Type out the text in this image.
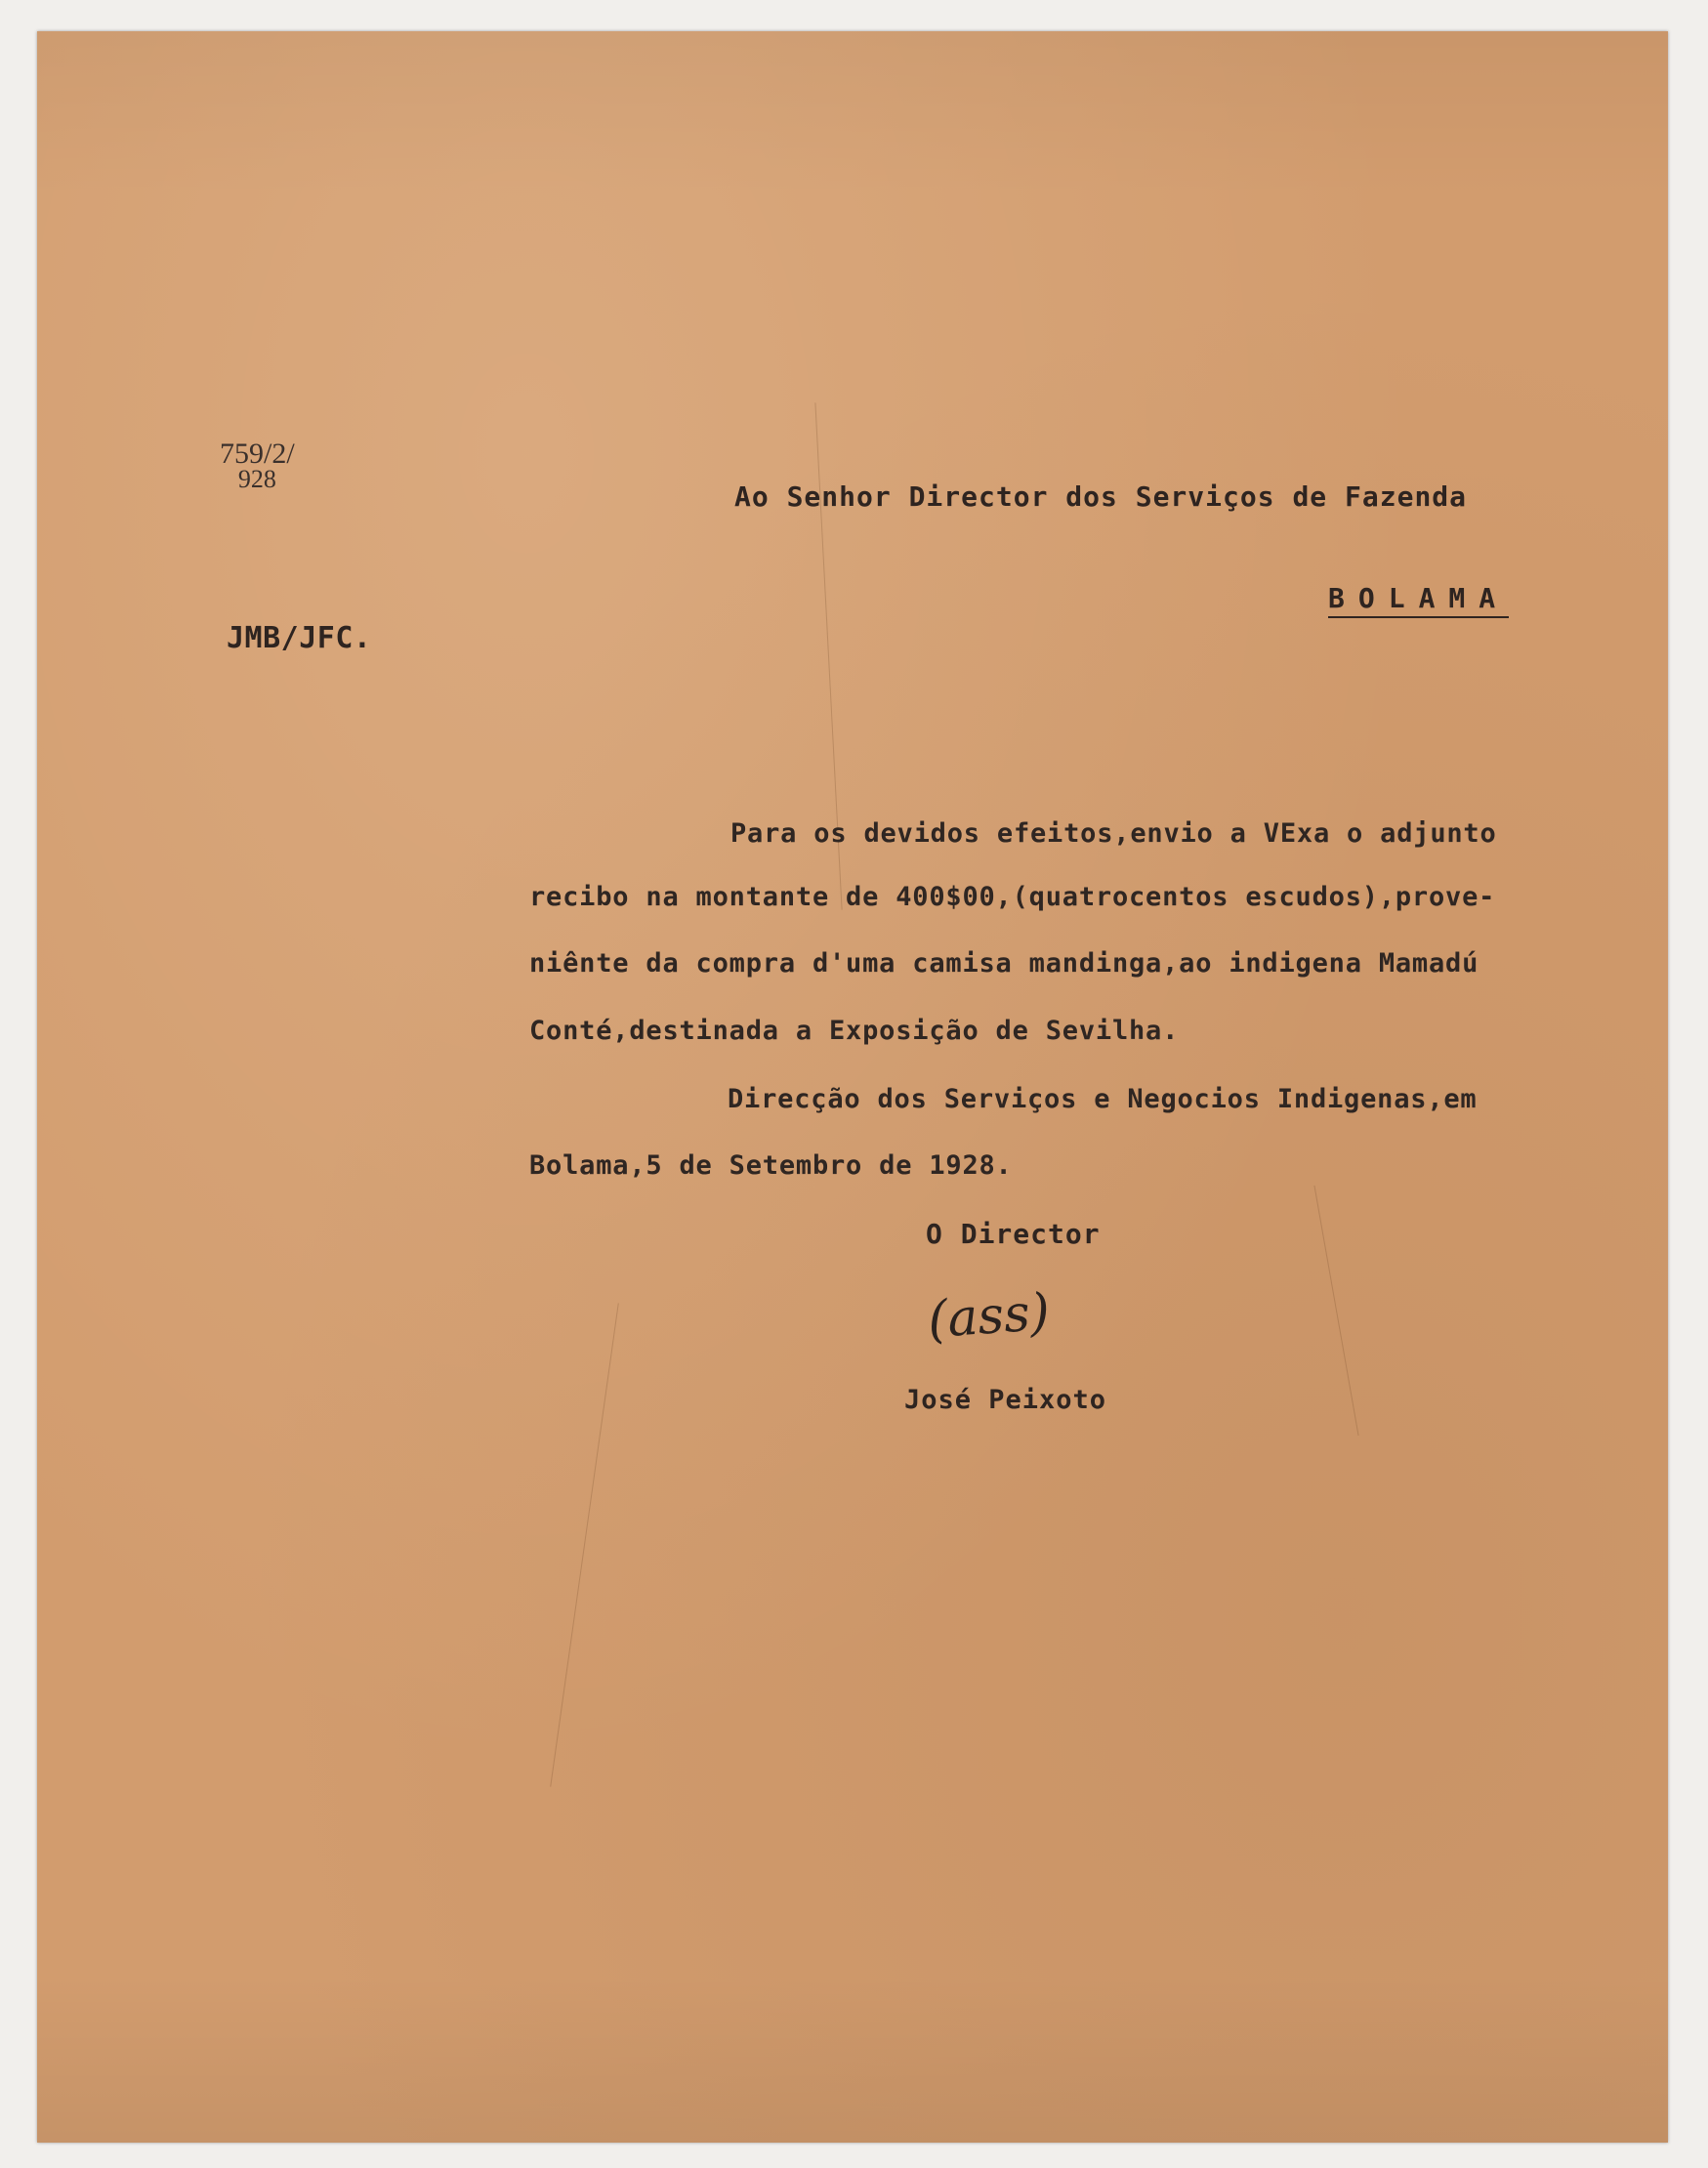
759/2/
928
JMB/JFC.
Ao Senhor Director dos Serviços de Fazenda
BOLAMA
Para os devidos efeitos,envio a VExa o adjunto
recibo na montante de 400$00,(quatrocentos escudos),prove-
niênte da compra d'uma camisa mandinga,ao indigena Mamadú
Conté,destinada a Exposição de Sevilha.
Direcção dos Serviços e Negocios Indigenas,em
Bolama,5 de Setembro de 1928.
O Director
(ass)
José Peixoto
